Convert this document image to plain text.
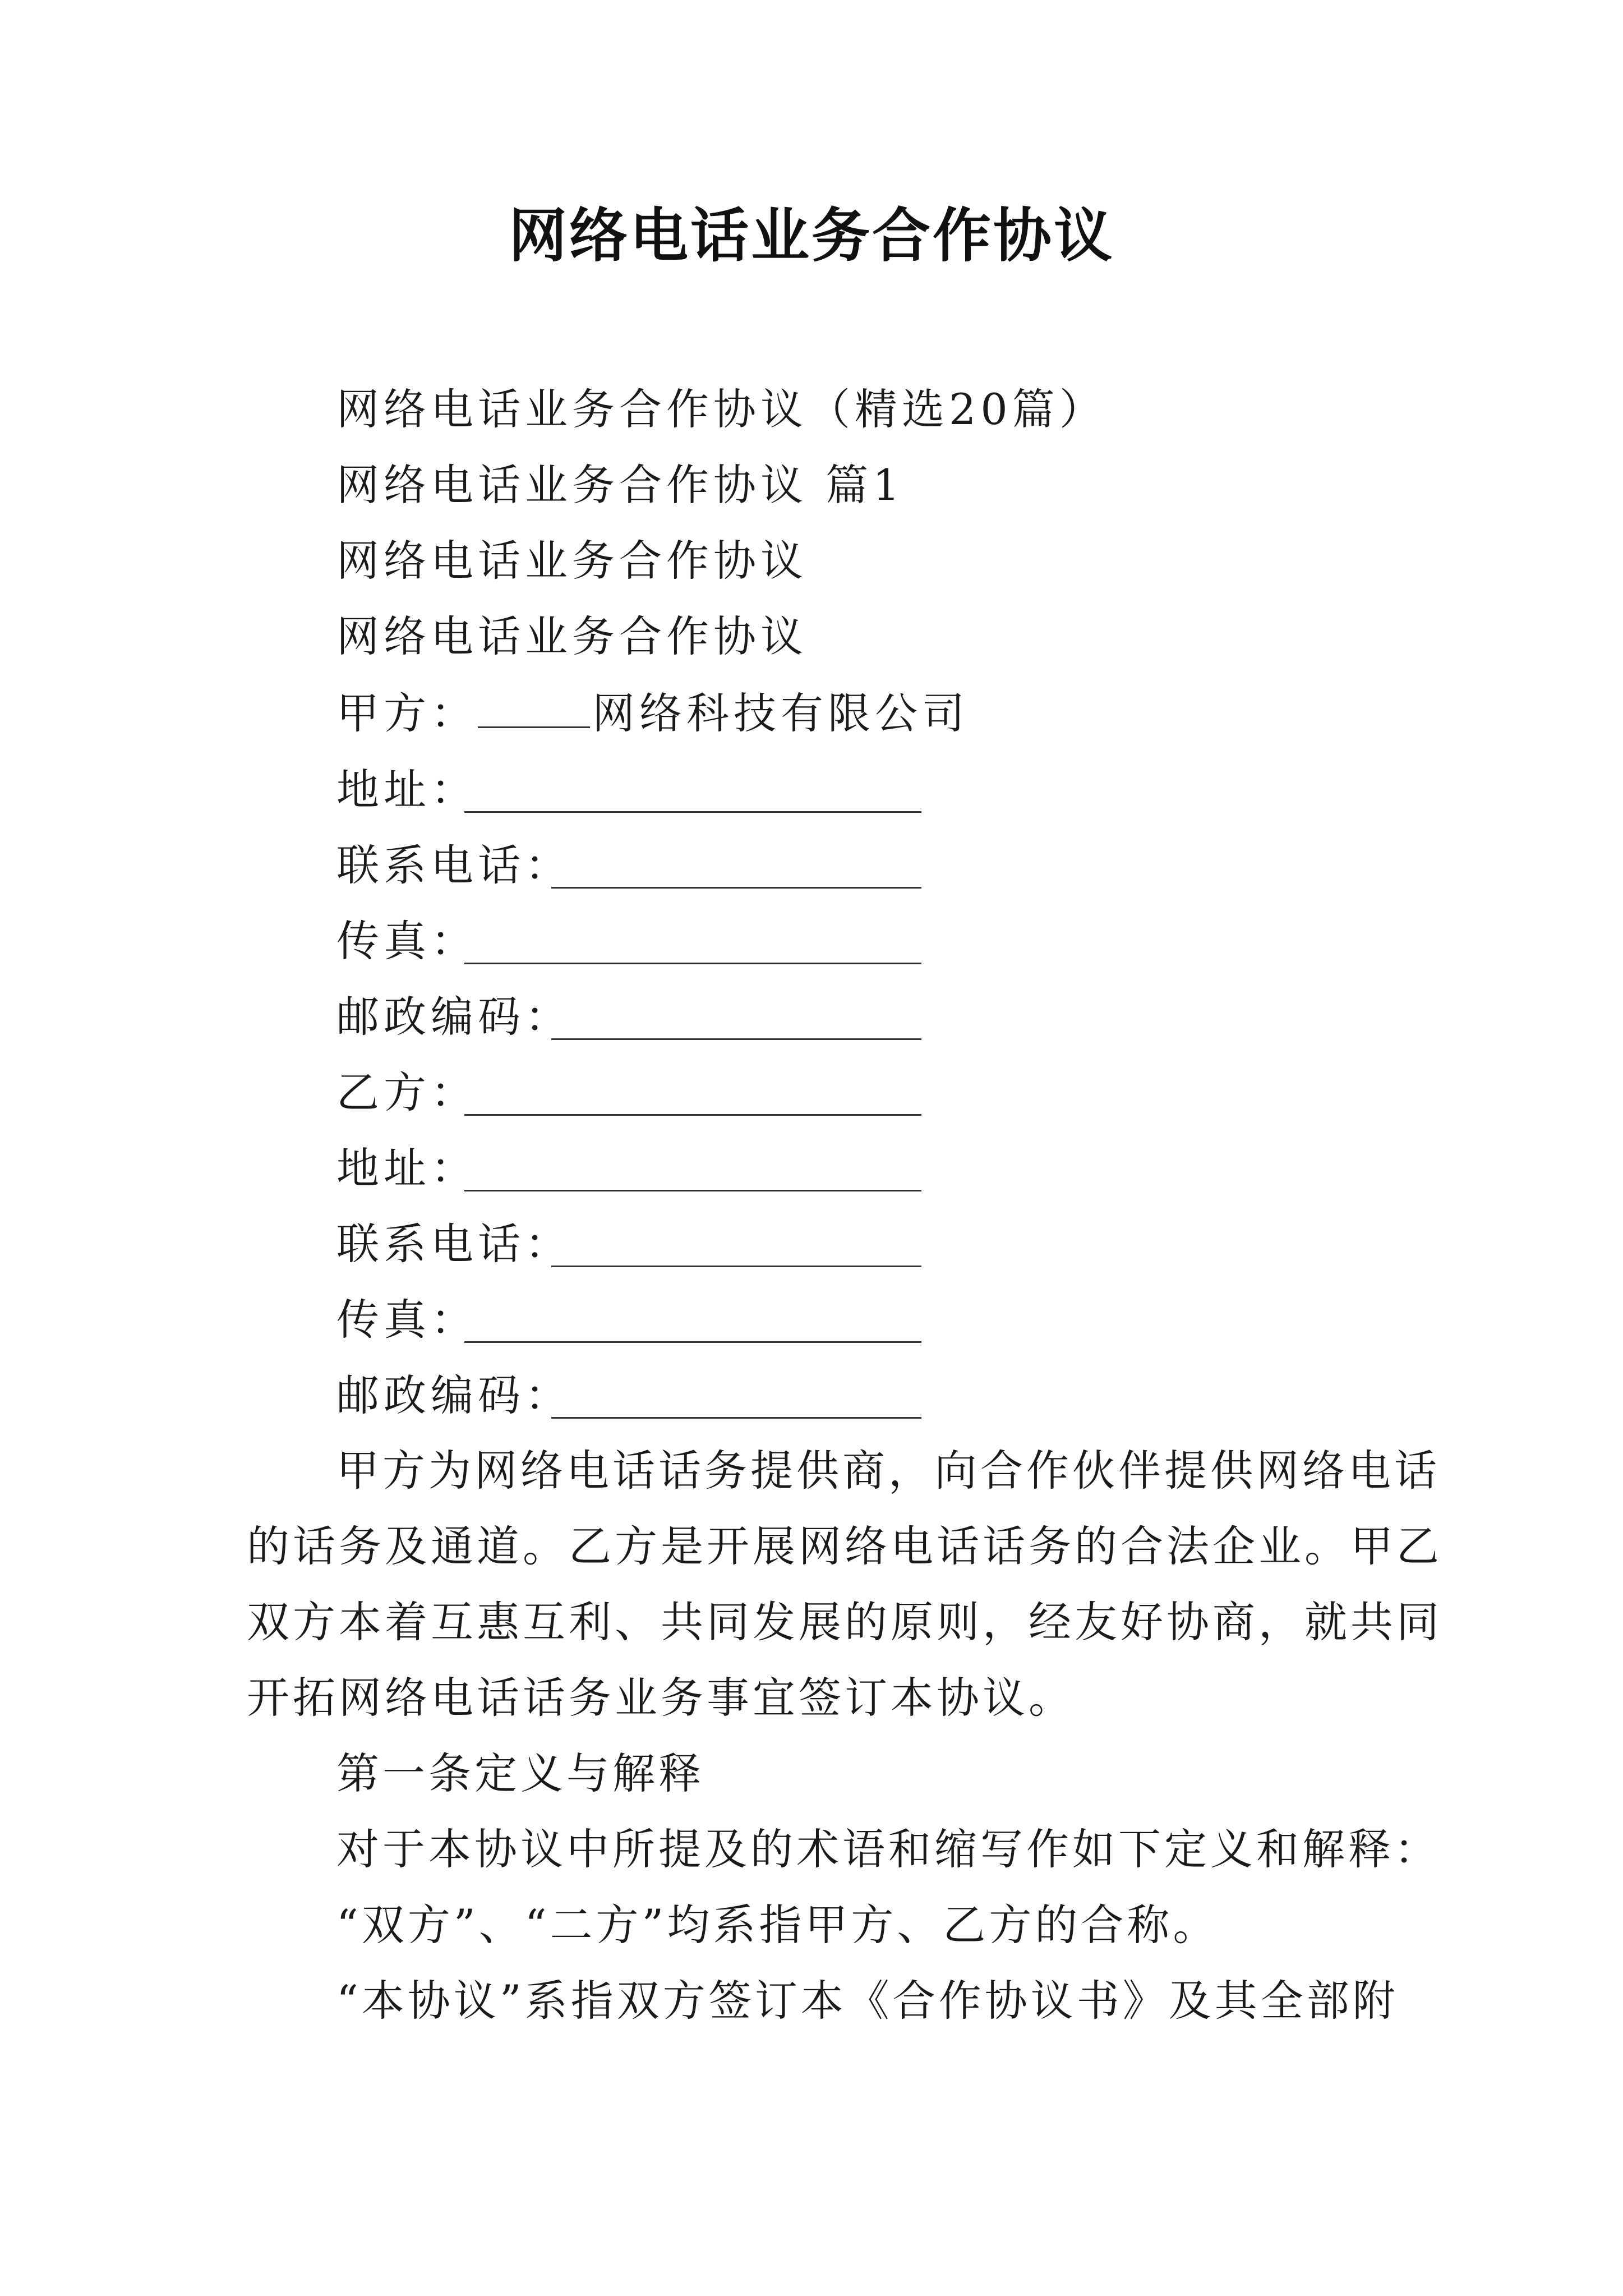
网络电话业务合作协议
网络电话业务合作协议（精选20篇）
网络电话业务合作协议 篇1
网络电话业务合作协议
网络电话业务合作协议
甲方：	网络科技有限公司
地址：
联系电话：
传真：
邮政编码：
乙方：
地址：
联系电话：
传真：
邮政编码：
甲方为网络电话话务提供商，向合作伙伴提供网络电话
的话务及通道。乙方是开展网络电话话务的合法企业。甲乙
双方本着互惠互利、共同发展的原则，经友好协商，就共同
开拓网络电话话务业务事宜签订本协议。
第一条定义与解释
对于本协议中所提及的术语和缩写作如下定义和解释：
“双方”、“二方”均系指甲方、乙方的合称。
“本协议”系指双方签订本《合作协议书》及其全部附
